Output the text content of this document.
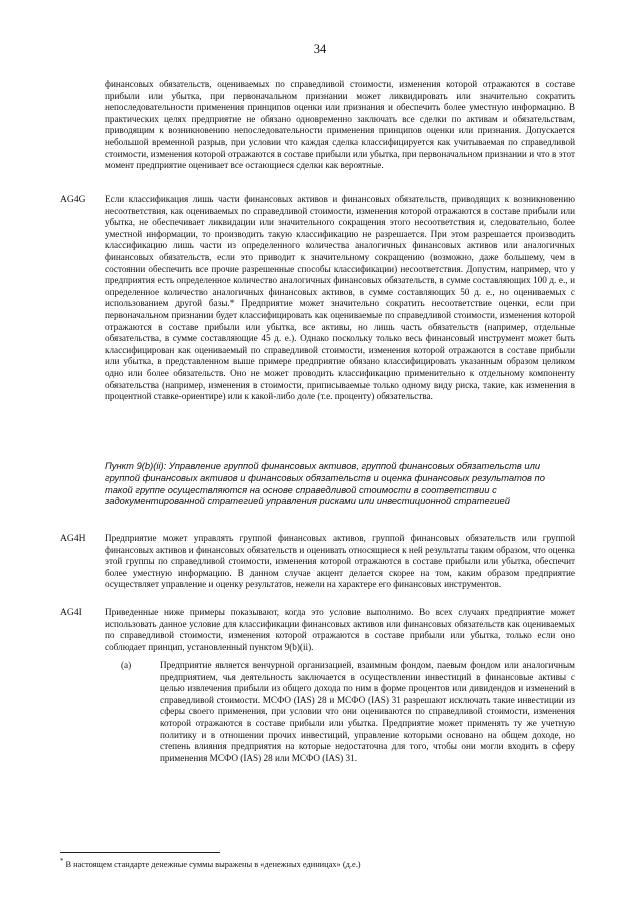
34
финансовых обязательств, оцениваемых по справедливой стоимости, изменения которой отражаются в составе прибыли или убытка, при первоначальном признании может ликвидировать или значительно сократить непоследовательности применения принципов оценки или признания и обеспечить более уместную информацию. В практических целях предприятие не обязано одновременно заключать все сделки по активам и обязательствам, приводящим к возникновению непоследовательности применения принципов оценки или признания. Допускается небольшой временной разрыв, при условии что каждая сделка классифицируется как учитываемая по справедливой стоимости, изменения которой отражаются в составе прибыли или убытка, при первоначальном признании и что в этот момент предприятие оценивает все остающиеся сделки как вероятные.
AG4G Если классификация лишь части финансовых активов и финансовых обязательств, приводящих к возникновению несоответствия, как оцениваемых по справедливой стоимости, изменения которой отражаются в составе прибыли или убытка, не обеспечивает ликвидации или значительного сокращения этого несоответствия и, следовательно, более уместной информации, то производить такую классификацию не разрешается. При этом разрешается производить классификацию лишь части из определенного количества аналогичных финансовых активов или аналогичных финансовых обязательств, если это приводит к значительному сокращению (возможно, даже большему, чем в состоянии обеспечить все прочие разрешенные способы классификации) несоответствия. Допустим, например, что у предприятия есть определенное количество аналогичных финансовых обязательств, в сумме составляющих 100 д. е., и определенное количество аналогичных финансовых активов, в сумме составляющих 50 д. е., но оцениваемых с использованием другой базы.* Предприятие может значительно сократить несоответствие оценки, если при первоначальном признании будет классифицировать как оцениваемые по справедливой стоимости, изменения которой отражаются в составе прибыли или убытка, все активы, но лишь часть обязательств (например, отдельные обязательства, в сумме составляющие 45 д. е.). Однако поскольку только весь финансовый инструмент может быть классифицирован как оцениваемый по справедливой стоимости, изменения которой отражаются в составе прибыли или убытка, в представленном выше примере предприятие обязано классифицировать указанным образом целиком одно или более обязательств. Оно не может проводить классификацию применительно к отдельному компоненту обязательства (например, изменения в стоимости, приписываемые только одному виду риска, такие, как изменения в процентной ставке-ориентире) или к какой-либо доле (т.е. проценту) обязательства.
Пункт 9(b)(ii): Управление группой финансовых активов, группой финансовых обязательств или группой финансовых активов и финансовых обязательств и оценка финансовых результатов по такой группе осуществляются на основе справедливой стоимости в соответствии с задокументированной стратегией управления рисками или инвестиционной стратегией
AG4H Предприятие может управлять группой финансовых активов, группой финансовых обязательств или группой финансовых активов и финансовых обязательств и оценивать относящиеся к ней результаты таким образом, что оценка этой группы по справедливой стоимости, изменения которой отражаются в составе прибыли или убытка, обеспечит более уместную информацию. В данном случае акцент делается скорее на том, каким образом предприятие осуществляет управление и оценку результатов, нежели на характере его финансовых инструментов.
AG4I	Приведенные ниже примеры показывают, когда это условие выполнимо. Во всех случаях предприятие может использовать данное условие для классификации финансовых активов или финансовых обязательств как оцениваемых по справедливой стоимости, изменения которой отражаются в составе прибыли или убытка, только если оно соблюдает принцип, установленный пунктом 9(b)(ii).
(a)	Предприятие является венчурной организацией, взаимным фондом, паевым фондом или аналогичным предприятием, чья деятельность заключается в осуществлении инвестиций в финансовые активы с целью извлечения прибыли из общего дохода по ним в форме процентов или дивидендов и изменений в справедливой стоимости. МСФО (IAS) 28 и МСФО (IAS) 31 разрешают исключать такие инвестиции из сферы своего применения, при условии что они оцениваются по справедливой стоимости, изменения которой отражаются в составе прибыли или убытка. Предприятие может применять ту же учетную политику и в отношении прочих инвестиций, управление которыми основано на общем доходе, но степень влияния предприятия на которые недостаточна для того, чтобы они могли входить в сферу применения МСФО (IAS) 28 или МСФО (IAS) 31.
* В настоящем стандарте денежные суммы выражены в «денежных единицах» (д.е.)
